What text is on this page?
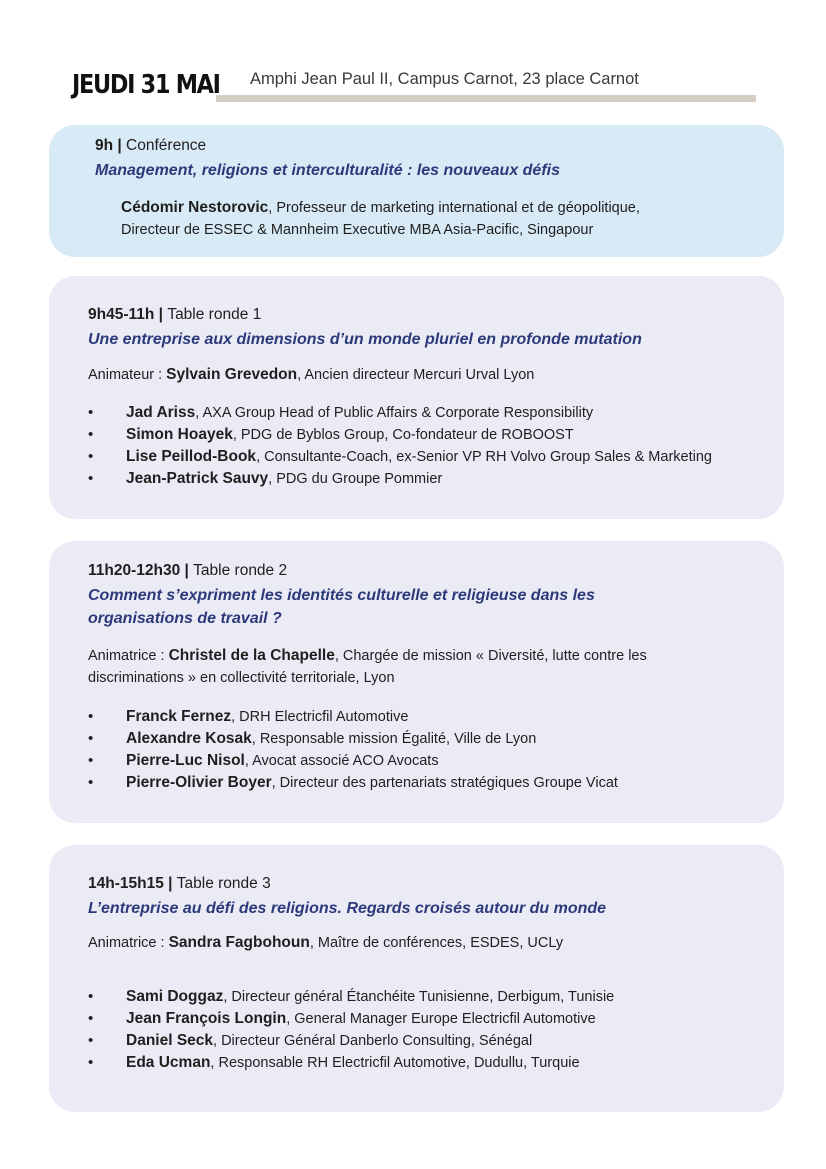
JEUDI 31 MAI Amphi Jean Paul II, Campus Carnot, 23 place Carnot
9h | Conférence
Management, religions et interculturalité : les nouveaux défis
Cédomir Nestorovic, Professeur de marketing international et de géopolitique,
Directeur de ESSEC & Mannheim Executive MBA Asia-Pacific, Singapour
9h45-11h | Table ronde 1
Une entreprise aux dimensions d’un monde pluriel en profonde mutation
Animateur : Sylvain Grevedon, Ancien directeur Mercuri Urval Lyon
• Jad Ariss, AXA Group Head of Public Affairs & Corporate Responsibility
• Simon Hoayek, PDG de Byblos Group, Co-fondateur de ROBOOST
• Lise Peillod-Book, Consultante-Coach, ex-Senior VP RH Volvo Group Sales & Marketing
• Jean-Patrick Sauvy, PDG du Groupe Pommier
11h20-12h30 | Table ronde 2
Comment s’expriment les identités culturelle et religieuse dans les
organisations de travail ?
Animatrice : Christel de la Chapelle, Chargée de mission « Diversité, lutte contre les
discriminations » en collectivité territoriale, Lyon
• Franck Fernez, DRH Electricfil Automotive
• Alexandre Kosak, Responsable mission Égalité, Ville de Lyon
• Pierre-Luc Nisol, Avocat associé ACO Avocats
• Pierre-Olivier Boyer, Directeur des partenariats stratégiques Groupe Vicat
14h-15h15 | Table ronde 3
L’entreprise au défi des religions. Regards croisés autour du monde
Animatrice : Sandra Fagbohoun, Maître de conférences, ESDES, UCLy
• Sami Doggaz, Directeur général Étanchéite Tunisienne, Derbigum, Tunisie
• Jean François Longin, General Manager Europe Electricfil Automotive
• Daniel Seck, Directeur Général Danberlo Consulting, Sénégal
• Eda Ucman, Responsable RH Electricfil Automotive, Dudullu, Turquie
